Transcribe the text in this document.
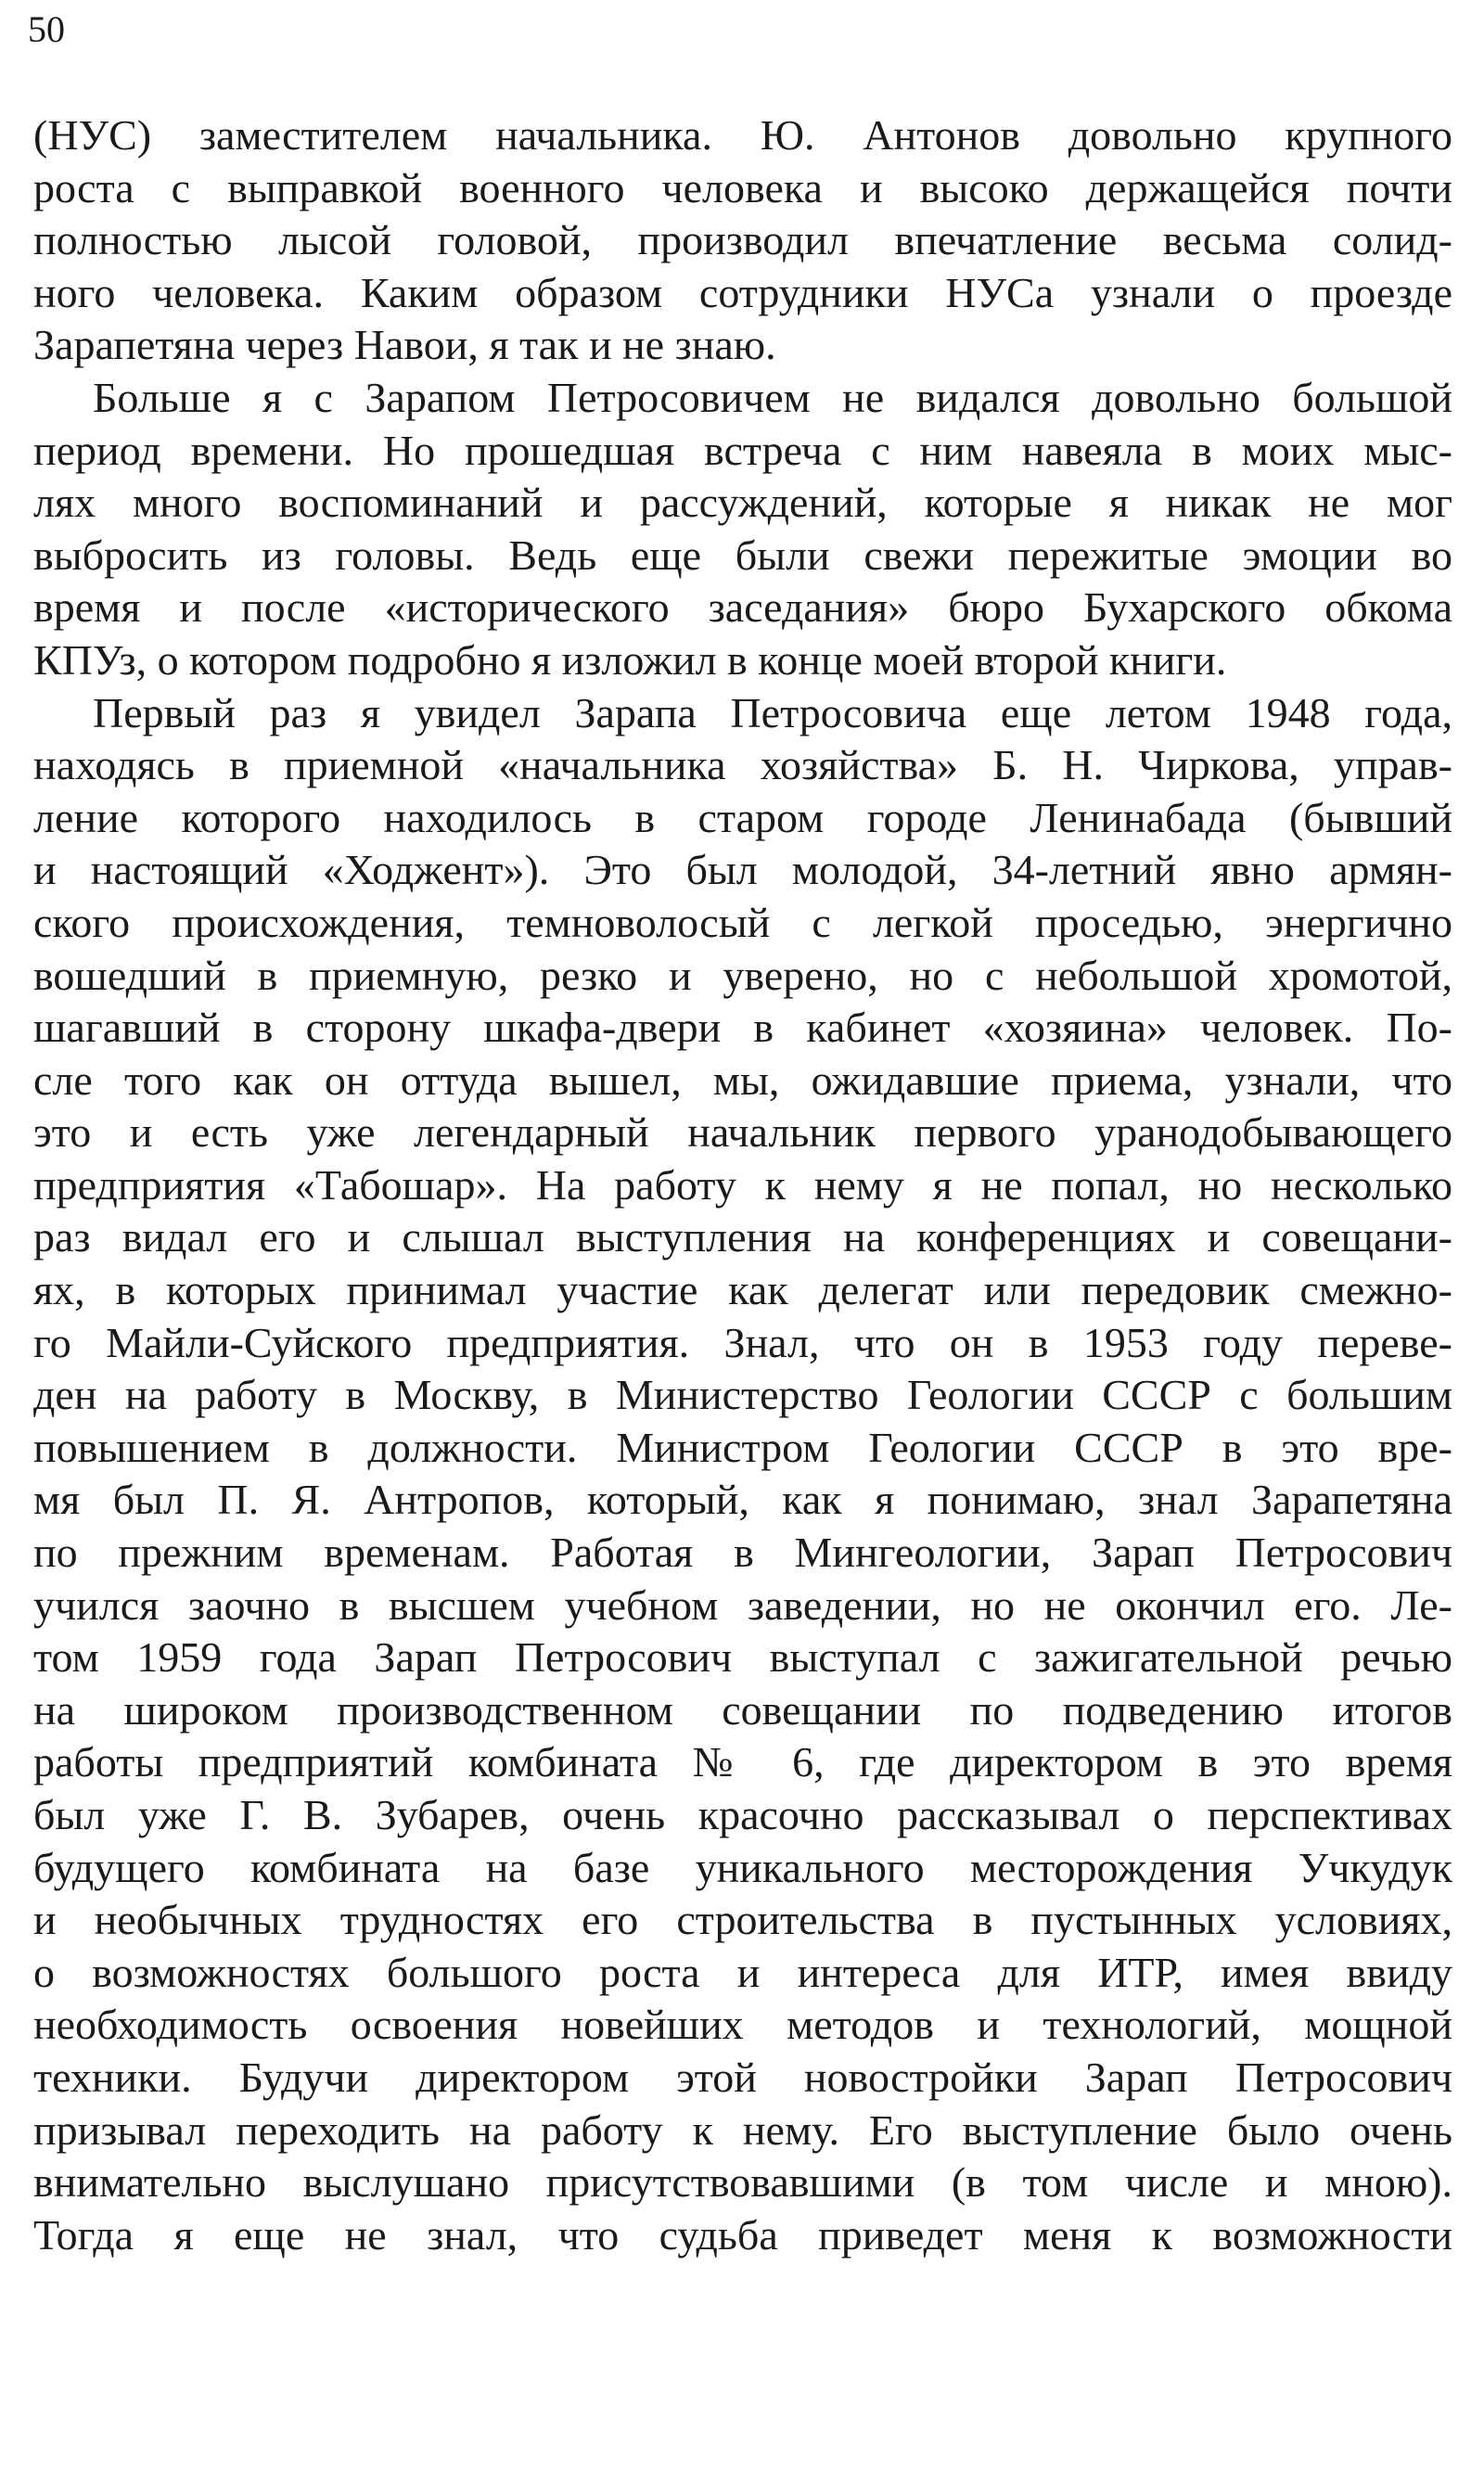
50
(НУС) заместителем начальника. Ю. Антонов довольно крупного
роста с выправкой военного человека и высоко держащейся почти
полностью лысой головой, производил впечатление весьма солид-
ного человека. Каким образом сотрудники НУСа узнали о проезде
Зарапетяна через Навои, я так и не знаю.
Больше я с Зарапом Петросовичем не видался довольно большой
период времени. Но прошедшая встреча с ним навеяла в моих мыс-
лях много воспоминаний и рассуждений, которые я никак не мог
выбросить из головы. Ведь еще были свежи пережитые эмоции во
время и после «исторического заседания» бюро Бухарского обкома
КПУз, о котором подробно я изложил в конце моей второй книги.
Первый раз я увидел Зарапа Петросовича еще летом 1948 года,
находясь в приемной «начальника хозяйства» Б. Н. Чиркова, управ-
ление которого находилось в старом городе Ленинабада (бывший
и настоящий «Ходжент»). Это был молодой, 34-летний явно армян-
ского происхождения, темноволосый с легкой проседью, энергично
вошедший в приемную, резко и уверено, но с небольшой хромотой,
шагавший в сторону шкафа-двери в кабинет «хозяина» человек. По-
сле того как он оттуда вышел, мы, ожидавшие приема, узнали, что
это и есть уже легендарный начальник первого уранодобывающего
предприятия «Табошар». На работу к нему я не попал, но несколько
раз видал его и слышал выступления на конференциях и совещани-
ях, в которых принимал участие как делегат или передовик смежно-
го Майли-Суйского предприятия. Знал, что он в 1953 году переве-
ден на работу в Москву, в Министерство Геологии СССР с большим
повышением в должности. Министром Геологии СССР в это вре-
мя был П. Я. Антропов, который, как я понимаю, знал Зарапетяна
по прежним временам. Работая в Мингеологии, Зарап Петросович
учился заочно в высшем учебном заведении, но не окончил его. Ле-
том 1959 года Зарап Петросович выступал с зажигательной речью
на широком производственном совещании по подведению итогов
работы предприятий комбината № 6, где директором в это время
был уже Г. В. Зубарев, очень красочно рассказывал о перспективах
будущего комбината на базе уникального месторождения Учкудук
и необычных трудностях его строительства в пустынных условиях,
о возможностях большого роста и интереса для ИТР, имея ввиду
необходимость освоения новейших методов и технологий, мощной
техники. Будучи директором этой новостройки Зарап Петросович
призывал переходить на работу к нему. Его выступление было очень
внимательно выслушано присутствовавшими (в том числе и мною).
Тогда я еще не знал, что судьба приведет меня к возможности
